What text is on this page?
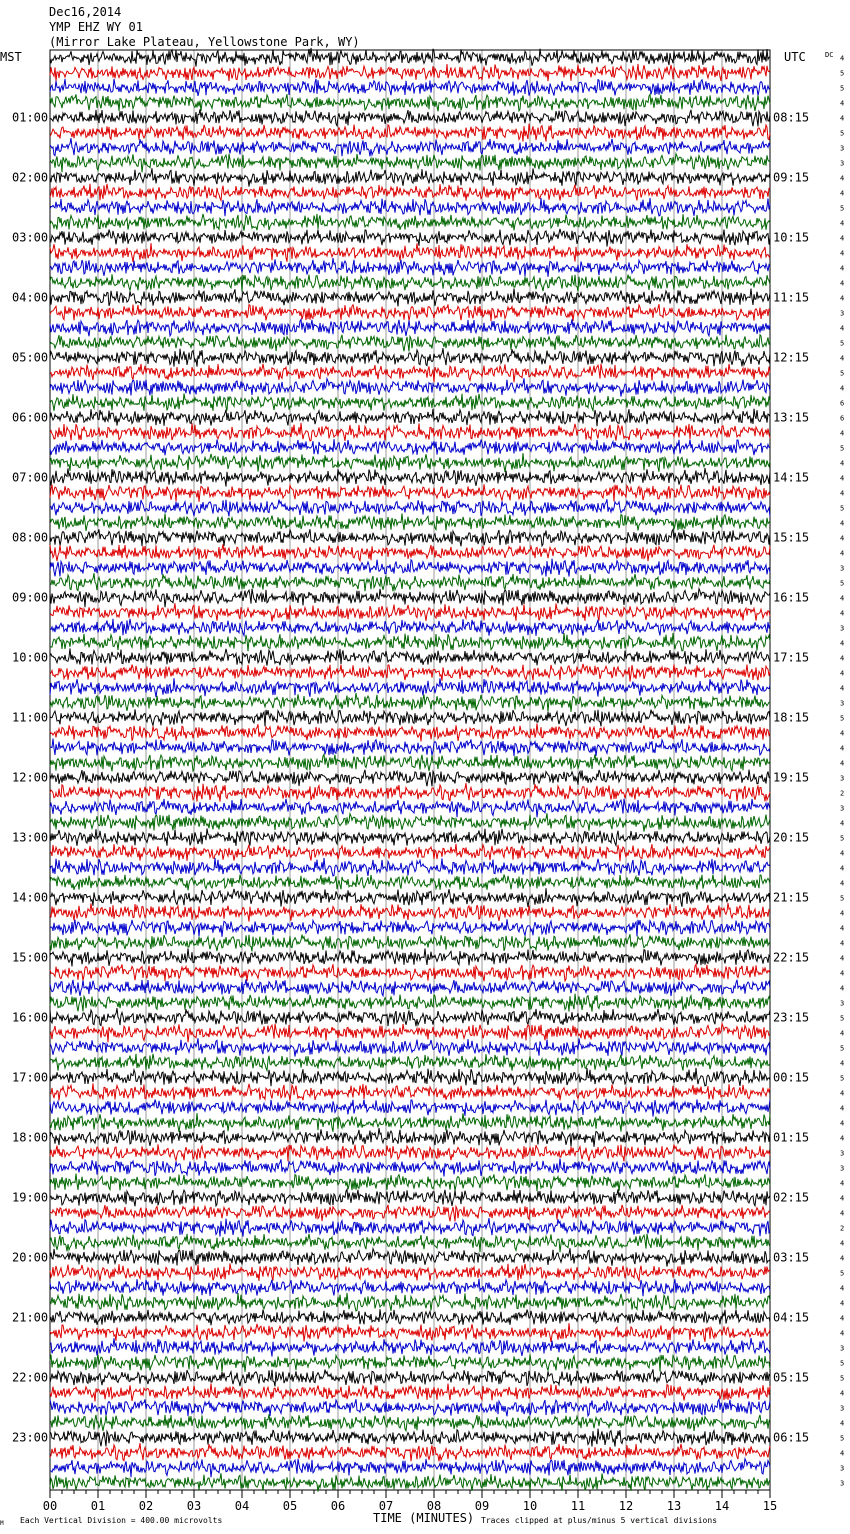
Dec16,2014
YMP EHZ WY 01
(Mirror Lake Plateau, Yellowstone Park, WY)
MST	UTC	DC
01:00
02:00
03:00
04:00
05:00
06:00
07:00
08:00
09:00
10:00
11:00
12:00
13:00
14:00
15:00
16:00
17:00
18:00
19:00
20:00
21:00
22:00
23:00
08:15
09:15
10:15
11:15
12:15
13:15
14:15
15:15
16:15
17:15
18:15
19:15
20:15
21:15
22:15
23:15
00:15
01:15
02:15
03:15
04:15
05:15
06:15
4
5
5
4
4
5
3
3
4
4
5
4
4
4
4
4
4
3
4
5
4
5
4
6
6
4
5
4
4
4
5
4
4
4
3
5
4
4
3
4
4
4
4
3
5
4
4
4
3
2
3
4
5
4
4
4
5
4
4
4
4
4
4
3
5
4
5
4
5
4
4
4
4
3
3
4
4
4
2
4
4
5
4
4
4
4
3
5
5
4
3
4
5
4
3
3
00	01	02	03	04	05	06	07	08	09	10	11	12	13	14	15
M Each Vertical Division = 400.00 microvolts	TIME (MINUTES) Traces clipped at plus/minus 5 vertical divisions
